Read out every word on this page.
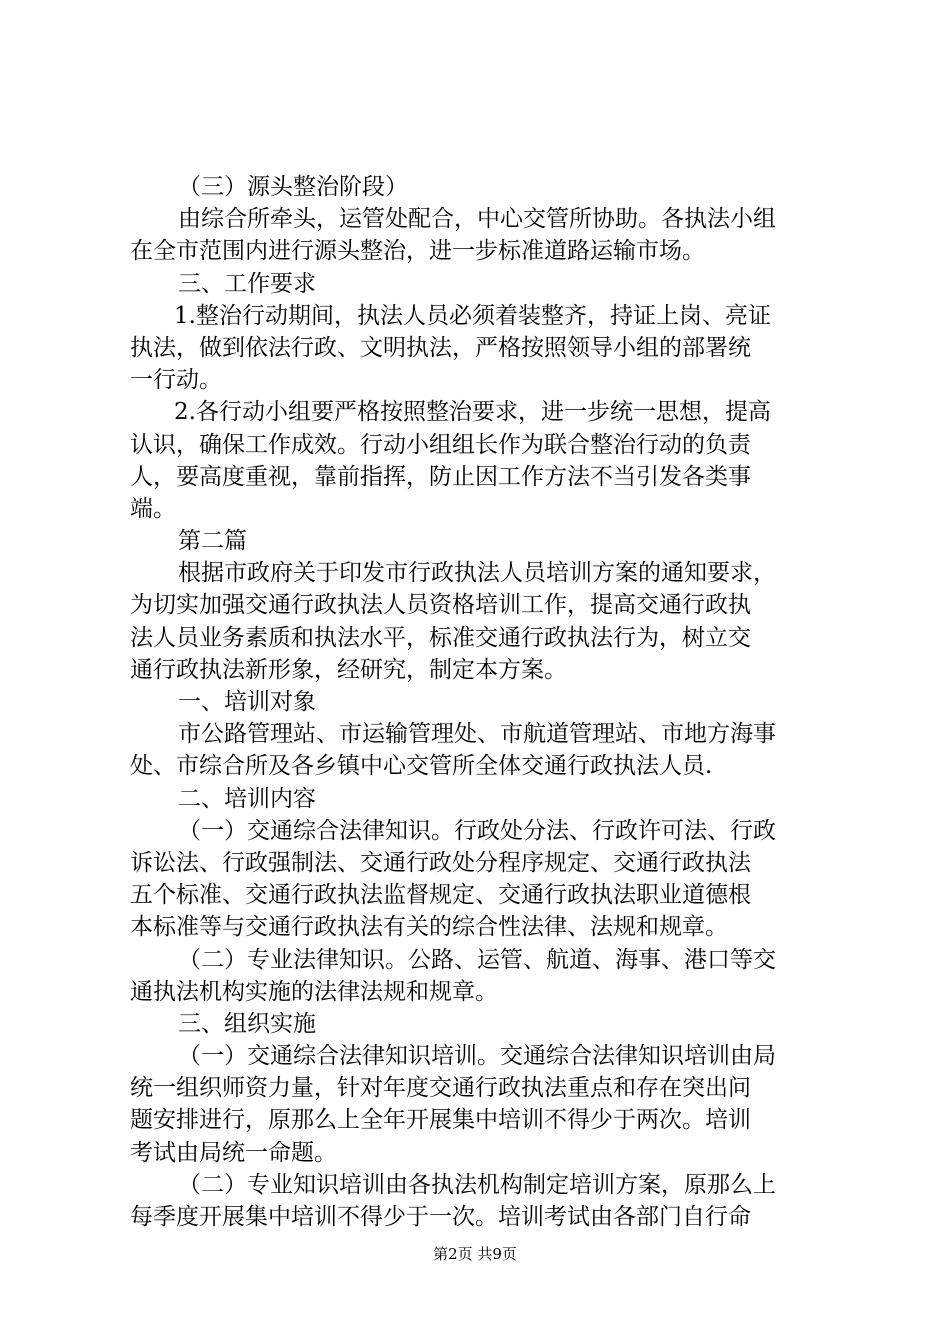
（三）源头整治阶段）
由综合所牵头，运管处配合，中心交管所协助。各执法小组
在全市范围内进行源头整治，进一步标准道路运输市场。
三、工作要求
1.整治行动期间，执法人员必须着装整齐，持证上岗、亮证
执法，做到依法行政、文明执法，严格按照领导小组的部署统
一行动。
2.各行动小组要严格按照整治要求，进一步统一思想，提高
认识，确保工作成效。行动小组组长作为联合整治行动的负责
人，要高度重视，靠前指挥，防止因工作方法不当引发各类事
端。
第二篇
根据市政府关于印发市行政执法人员培训方案的通知要求，
为切实加强交通行政执法人员资格培训工作，提高交通行政执
法人员业务素质和执法水平，标准交通行政执法行为，树立交
通行政执法新形象，经研究，制定本方案。
一、培训对象
市公路管理站、市运输管理处、市航道管理站、市地方海事
处、市综合所及各乡镇中心交管所全体交通行政执法人员.
二、培训内容
（一）交通综合法律知识。行政处分法、行政许可法、行政
诉讼法、行政强制法、交通行政处分程序规定、交通行政执法
五个标准、交通行政执法监督规定、交通行政执法职业道德根
本标准等与交通行政执法有关的综合性法律、法规和规章。
（二）专业法律知识。公路、运管、航道、海事、港口等交
通执法机构实施的法律法规和规章。
三、组织实施
（一）交通综合法律知识培训。交通综合法律知识培训由局
统一组织师资力量，针对年度交通行政执法重点和存在突出问
题安排进行，原那么上全年开展集中培训不得少于两次。培训
考试由局统一命题。
（二）专业知识培训由各执法机构制定培训方案，原那么上
每季度开展集中培训不得少于一次。培训考试由各部门自行命
第2页 共9页
